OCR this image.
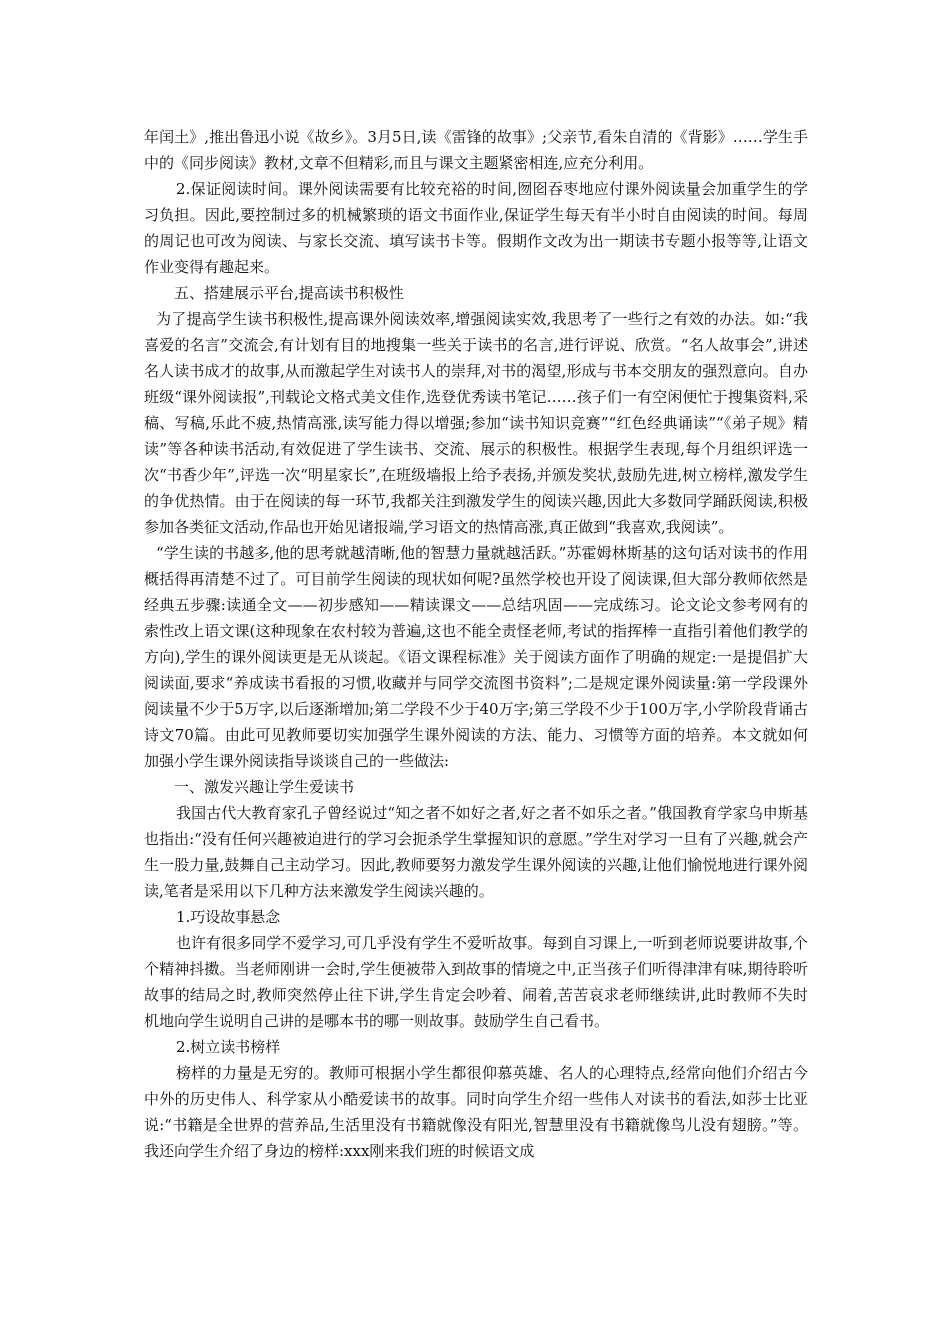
年闰土》,推出鲁迅小说《故乡》。3月5日,读《雷锋的故事》;父亲节,看朱自清的《背影》……学生手中的《同步阅读》教材,文章不但精彩,而且与课文主题紧密相连,应充分利用。

2.保证阅读时间。课外阅读需要有比较充裕的时间,囫囵吞枣地应付课外阅读量会加重学生的学习负担。因此,要控制过多的机械繁琐的语文书面作业,保证学生每天有半小时自由阅读的时间。每周的周记也可改为阅读、与家长交流、填写读书卡等。假期作文改为出一期读书专题小报等等,让语文作业变得有趣起来。

五、搭建展示平台,提高读书积极性

为了提高学生读书积极性,提高课外阅读效率,增强阅读实效,我思考了一些行之有效的办法。如:“我喜爱的名言”交流会,有计划有目的地搜集一些关于读书的名言,进行评说、欣赏。“名人故事会”,讲述名人读书成才的故事,从而激起学生对读书人的崇拜,对书的渴望,形成与书本交朋友的强烈意向。自办班级“课外阅读报”,刊载论文格式美文佳作,选登优秀读书笔记……孩子们一有空闲便忙于搜集资料,采稿、写稿,乐此不疲,热情高涨,读写能力得以增强;参加“读书知识竞赛”“红色经典诵读”“《弟子规》精读”等各种读书活动,有效促进了学生读书、交流、展示的积极性。根据学生表现,每个月组织评选一次“书香少年”,评选一次“明星家长”,在班级墙报上给予表扬,并颁发奖状,鼓励先进,树立榜样,激发学生的争优热情。由于在阅读的每一环节,我都关注到激发学生的阅读兴趣,因此大多数同学踊跃阅读,积极参加各类征文活动,作品也开始见诸报端,学习语文的热情高涨,真正做到“我喜欢,我阅读”。

“学生读的书越多,他的思考就越清晰,他的智慧力量就越活跃。”苏霍姆林斯基的这句话对读书的作用概括得再清楚不过了。可目前学生阅读的现状如何呢?虽然学校也开设了阅读课,但大部分教师依然是经典五步骤:读通全文——初步感知——精读课文——总结巩固——完成练习。论文论文参考网有的索性改上语文课(这种现象在农村较为普遍,这也不能全责怪老师,考试的指挥棒一直指引着他们教学的方向),学生的课外阅读更是无从谈起。《语文课程标准》关于阅读方面作了明确的规定:一是提倡扩大阅读面,要求“养成读书看报的习惯,收藏并与同学交流图书资料”;二是规定课外阅读量:第一学段课外阅读量不少于5万字,以后逐渐增加;第二学段不少于40万字;第三学段不少于100万字,小学阶段背诵古诗文70篇。由此可见教师要切实加强学生课外阅读的方法、能力、习惯等方面的培养。本文就如何加强小学生课外阅读指导谈谈自己的一些做法:

一、激发兴趣让学生爱读书

我国古代大教育家孔子曾经说过“知之者不如好之者,好之者不如乐之者。”俄国教育学家乌申斯基也指出:“没有任何兴趣被迫进行的学习会扼杀学生掌握知识的意愿。”学生对学习一旦有了兴趣,就会产生一股力量,鼓舞自己主动学习。因此,教师要努力激发学生课外阅读的兴趣,让他们愉悦地进行课外阅读,笔者是采用以下几种方法来激发学生阅读兴趣的。

1.巧设故事悬念

也许有很多同学不爱学习,可几乎没有学生不爱听故事。每到自习课上,一听到老师说要讲故事,个个精神抖擞。当老师刚讲一会时,学生便被带入到故事的情境之中,正当孩子们听得津津有味,期待聆听故事的结局之时,教师突然停止往下讲,学生肯定会吵着、闹着,苦苦哀求老师继续讲,此时教师不失时机地向学生说明自己讲的是哪本书的哪一则故事。鼓励学生自己看书。

2.树立读书榜样

榜样的力量是无穷的。教师可根据小学生都很仰慕英雄、名人的心理特点,经常向他们介绍古今中外的历史伟人、科学家从小酷爱读书的故事。同时向学生介绍一些伟人对读书的看法,如莎士比亚说:“书籍是全世界的营养品,生活里没有书籍就像没有阳光,智慧里没有书籍就像鸟儿没有翅膀。”等。我还向学生介绍了身边的榜样:xxx刚来我们班的时候语文成
